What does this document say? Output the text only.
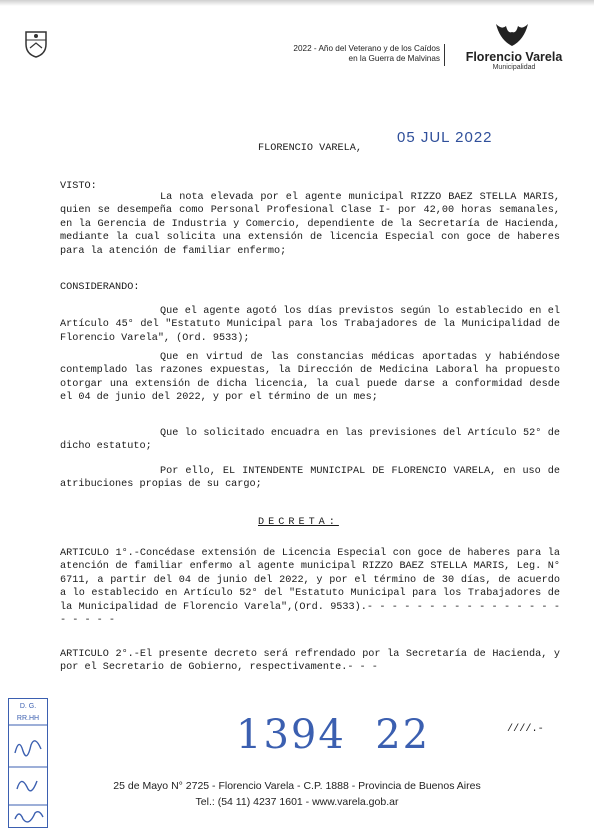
2022 - Año del Veterano y de los Caídos
en la Guerra de Malvinas	Florencio Varela
Municipalidad
FLORENCIO VARELA,
05 JUL 2022
VISTO:
La nota elevada por el agente municipal RIZZO BAEZ STELLA MARIS, quien se desempeña como Personal Profesional Clase I- por 42,00 horas semanales, en la Gerencia de Industria y Comercio, dependiente de la Secretaría de Hacienda, mediante la cual solicita una extensión de licencia Especial con goce de haberes para la atención de familiar enfermo;
CONSIDERANDO:
Que el agente agotó los días previstos según lo establecido en el Artículo 45° del "Estatuto Municipal para los Trabajadores de la Municipalidad de Florencio Varela", (Ord. 9533);
Que en virtud de las constancias médicas aportadas y habiéndose contemplado las razones expuestas, la Dirección de Medicina Laboral ha propuesto otorgar una extensión de dicha licencia, la cual puede darse a conformidad desde el 04 de junio del 2022, y por el término de un mes;
Que lo solicitado encuadra en las previsiones del Artículo 52° de dicho estatuto;
Por ello, EL INTENDENTE MUNICIPAL DE FLORENCIO VARELA, en uso de atribuciones propias de su cargo;
DECRETA:
ARTICULO 1°.-Concédase extensión de Licencia Especial con goce de haberes para la atención de familiar enfermo al agente municipal RIZZO BAEZ STELLA MARIS, Leg. N° 6711, a partir del 04 de junio del 2022, y por el término de 30 días, de acuerdo a lo establecido en Artículo 52° del "Estatuto Municipal para los Trabajadores de la Municipalidad de Florencio Varela",(Ord. 9533).- - - - - - - - - - - - - - - - - - - - -
ARTICULO 2°.-El presente decreto será refrendado por la Secretaría de Hacienda, y por el Secretario de Gobierno, respectivamente.- - -
1394  22	////.-
D. G.
RR.HH
25 de Mayo N° 2725 - Florencio Varela - C.P. 1888 - Provincia de Buenos Aires
Tel.: (54 11) 4237 1601 - www.varela.gob.ar
